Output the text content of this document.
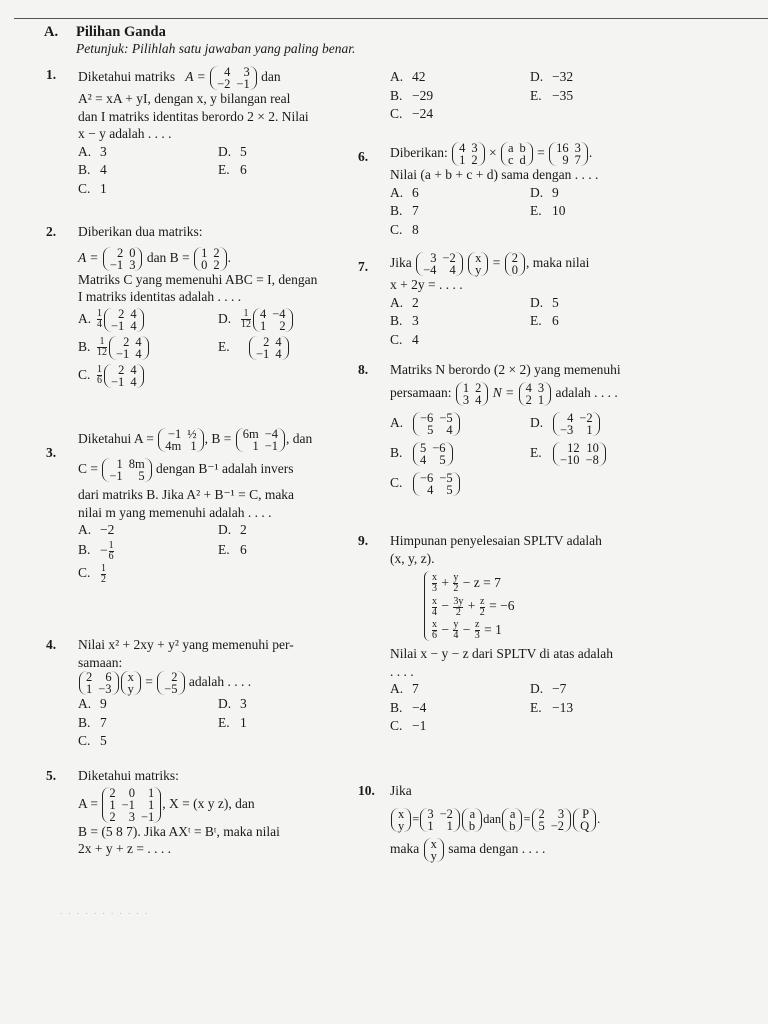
A. Pilihan Ganda
Petunjuk: Pilihlah satu jawaban yang paling benar.
1. Diketahui matriks A = 4	3
−2	−1 dan
A² = xA + yI, dengan x, y bilangan real
dan I matriks identitas berordo 2 × 2. Nilai
x − y adalah . . . .
A. 3	D. 5
B. 4	E. 6
C. 1
2. Diberikan dua matriks:
A = 2	0
−1	3 dan B = 1	2
0	2 .
Matriks C yang memenuhi ABC = I, dengan
I matriks identitas adalah . . . .
A. $\frac{1}{4} 2$	4
−1	4	D. $\frac{1}{12} 4$	−4
1	2
B. $\frac{1}{12} 2$	4
−1	4	E.	2	4
−1	4
C. $\frac{1}{6} 2$	4
−1	4
3.
Diketahui A = −1	½
4m	1 , B = 6m	−4
1	−1 , dan
C = 1	8m
−1	5 dengan B⁻¹ adalah invers
dari matriks B. Jika A² + B⁻¹ = C, maka
nilai m yang memenuhi adalah . . . .
A. −2	D. 2
B. − $\frac{1}{6}$	E. 6
C. $\frac{1}{2}$
4. Nilai x² + 2xy + y² yang memenuhi per-
samaan:
2	6
1	−3
x
y = 2
−5 adalah . . . .
A. 9	D. 3
B. 7	E. 1
C. 5
5. Diketahui matriks:
A =
2	0	1
1	−1	1
2	3	−1
, X = (x y z), dan
B = (5 8 7). Jika AXᵗ = Bᵗ, maka nilai
2x + y + z = . . . .
A. 42	D. −32
B. −29	E. −35
C. −24
6. Diberikan: 4	3
1	2 × a	b
c	d = 16	3
9	7 .
Nilai (a + b + c + d) sama dengan . . . .
A. 6	D. 9
B. 7	E. 10
C. 8
7. Jika 3	−2
−4	4

x
y = 2
0 , maka nilai
x + 2y = . . . .
A. 2	D. 5
B. 3	E. 6
C. 4
8. Matriks N berordo (2 × 2) yang memenuhi
persamaan: 1	2
3	4 N = 4	3
2	1 adalah . . . .
A. −6	−5
5	4	D. 4	−2
−3	1
B. 5	−6
4	5	E. 12	10
−10	−8
C. −6	−5
4	5
9. Himpunan penyelesaian SPLTV adalah
(x, y, z).
$\frac{x}{3} + \frac{y}{2} - z = 7$
$\frac{x}{4} - \frac{3y}{2} + \frac{z}{2} = -6$
$\frac{x}{6} - \frac{y}{4} - \frac{z}{3} = 1$
Nilai x − y − z dari SPLTV di atas adalah
. . . .
A. 7	D. −7
B. −4	E. −13
C. −1
10. Jika
x
y
= 3	−2
1	1
a
b
dan a
b
= 2	3
5	−2
P
Q
.
maka x
y sama dengan . . . .
. . . . . . . . . . .
